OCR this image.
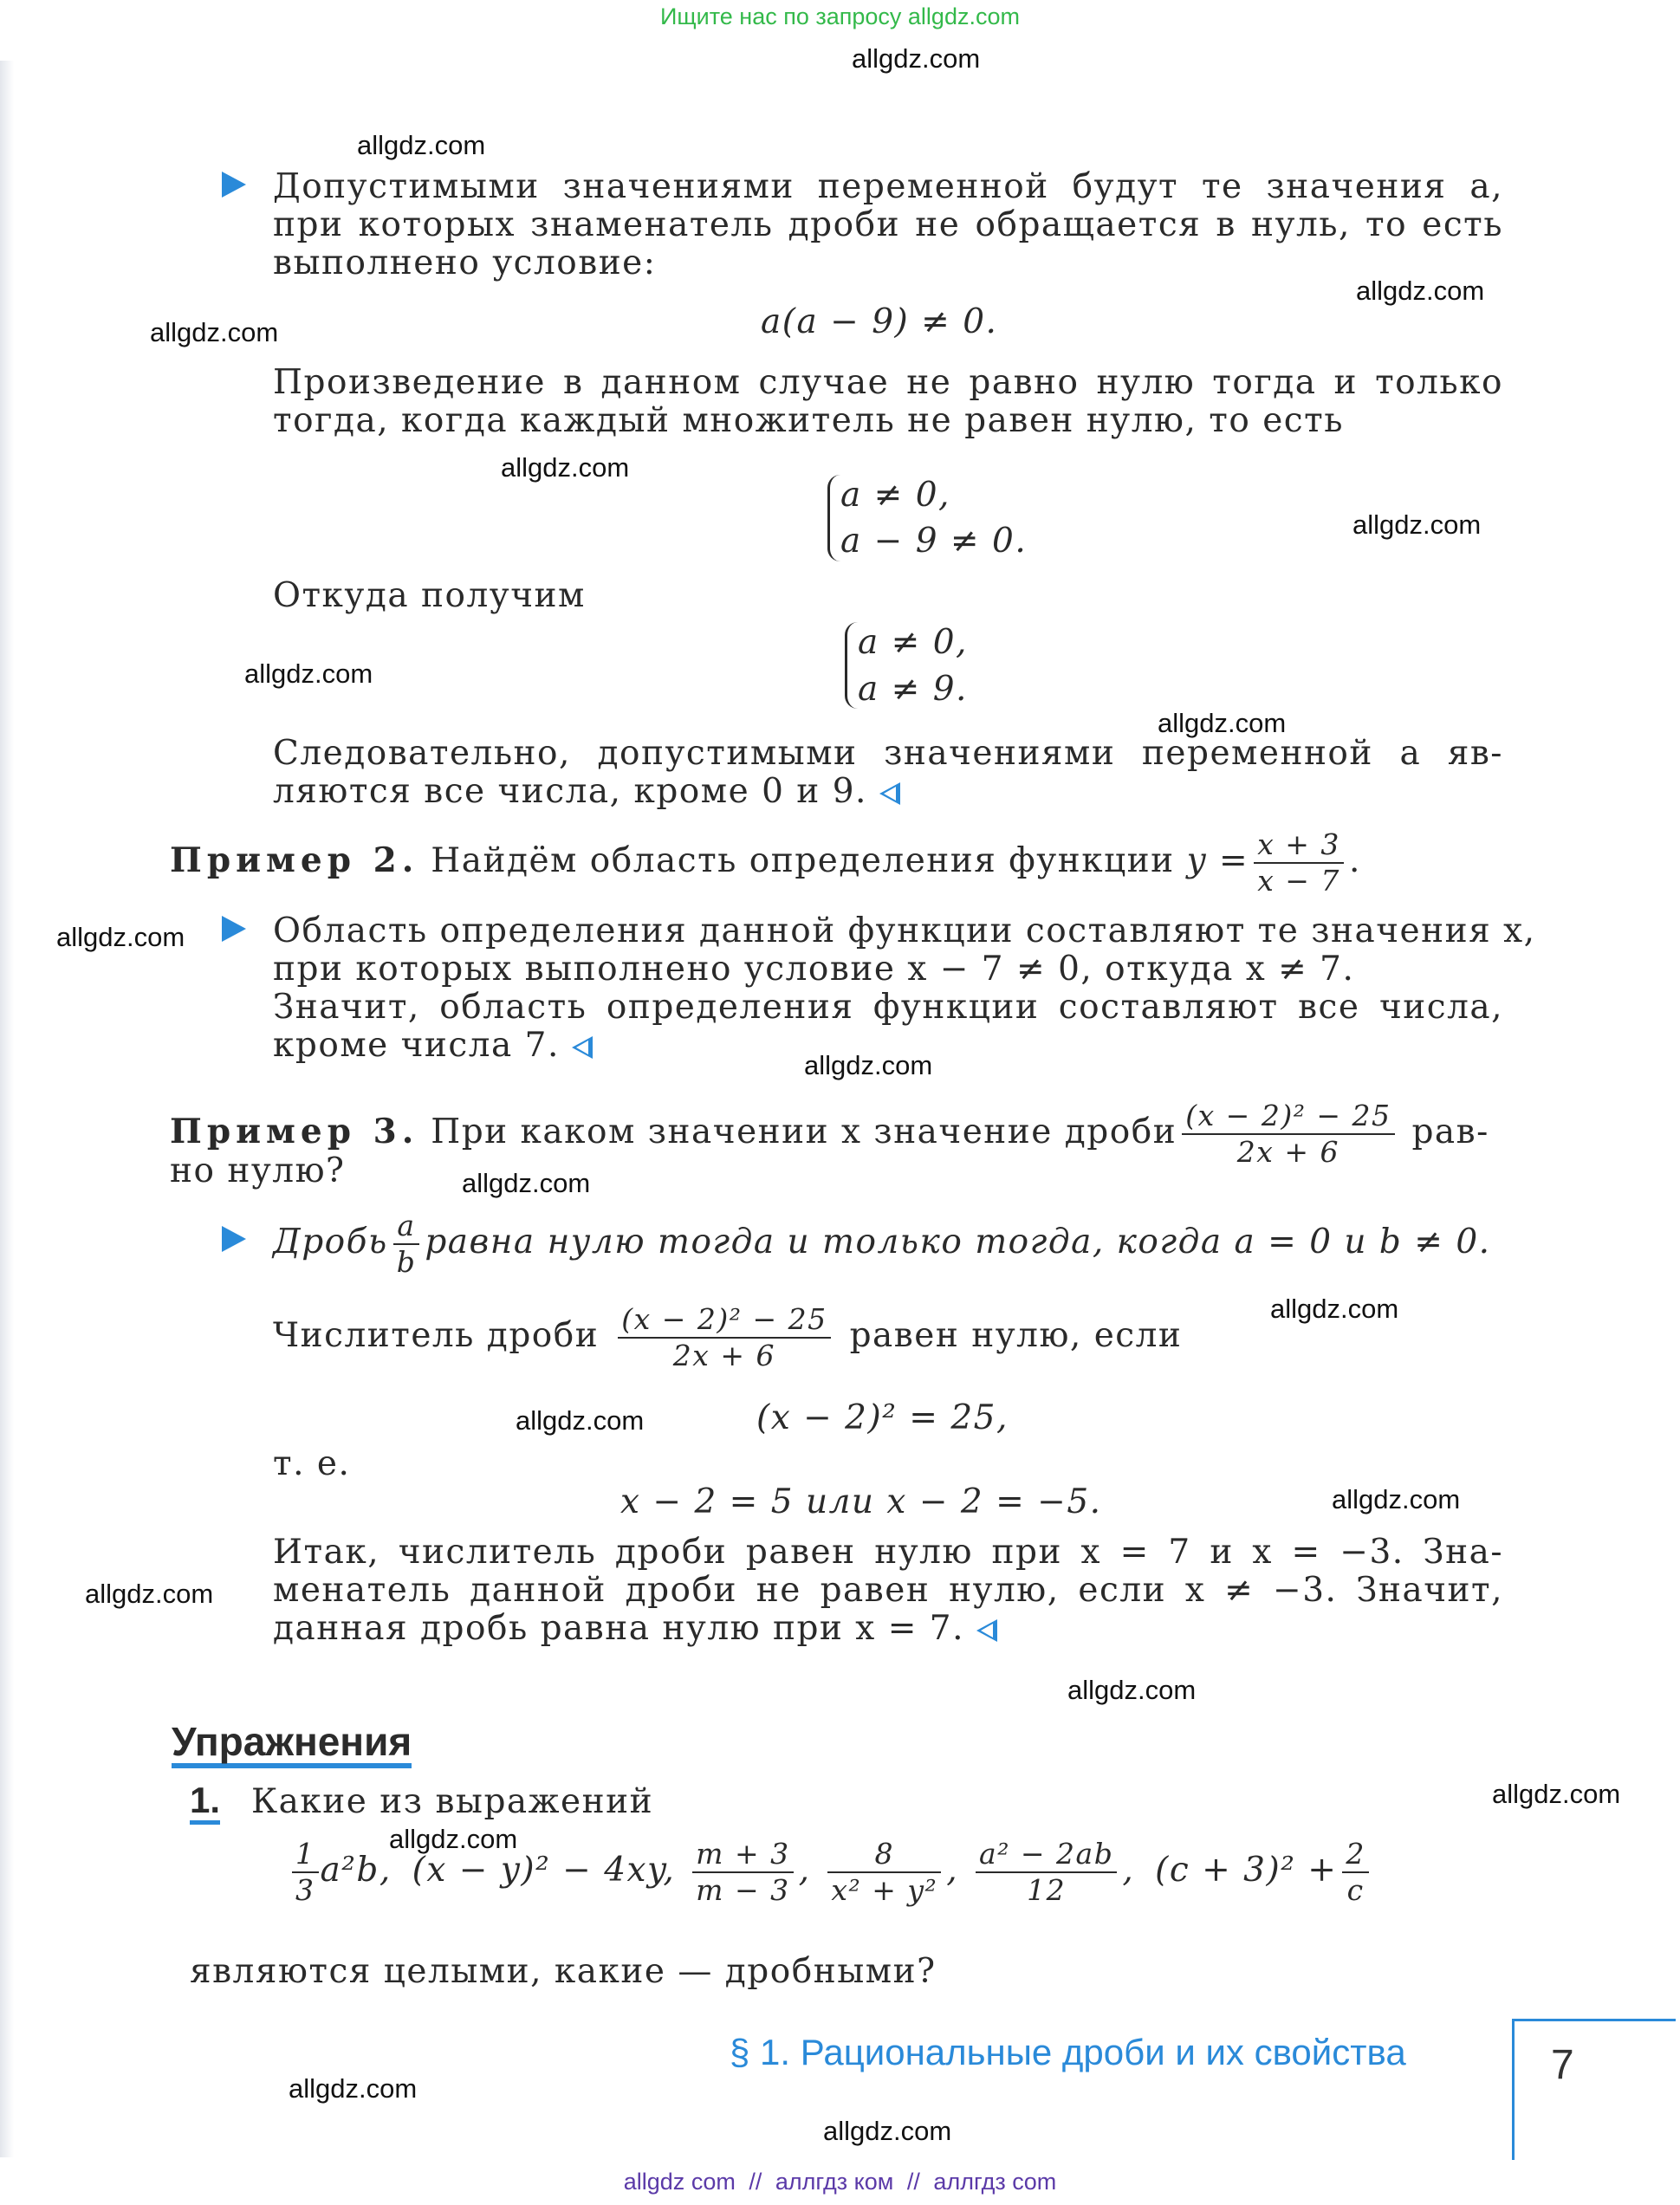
Ищите нас по запросу allgdz.com
allgdz.com
allgdz.com
allgdz.com
allgdz.com
allgdz.com
allgdz.com
allgdz.com
allgdz.com
allgdz.com
allgdz.com
allgdz.com
allgdz.com
allgdz.com
allgdz.com
allgdz.com
allgdz.com
allgdz.com
allgdz.com
allgdz.com
allgdz.com
Допустимыми значениями переменной будут те значения a,
при которых знаменатель дроби не обращается в нуль, то есть
выполнено условие:
a(a − 9) ≠ 0.
Произведение в данном случае не равно нулю тогда и только
тогда, когда каждый множитель не равен нулю, то есть
a ≠ 0,
a − 9 ≠ 0.
Откуда получим
a ≠ 0,
a ≠ 9.
Следовательно, допустимыми значениями переменной a яв-
ляются все числа, кроме 0 и 9.
Пример 2. Найдём область определения функции $y = \frac{x + 3}{x - 7}$ .
Область определения данной функции составляют те значения x,
при которых выполнено условие x − 7 ≠ 0, откуда x ≠ 7.
Значит, область определения функции составляют все числа,
кроме числа 7.
Пример 3. При каком значении x значение дроби $\frac{\text{(x − 2)² − 25}}{2x + 6} рав-$
но нулю?
Дробь $\frac{a}{b}$ равна нулю тогда и только тогда, когда a = 0 и b ≠ 0.
Числитель дроби $\frac{\text{(x − 2)² − 25}}{2x + 6}$ равен нулю, если
(x − 2)² = 25,
т. е.
x − 2 = 5 или x − 2 = −5.
Итак, числитель дроби равен нулю при x = 7 и x = −3. Зна-
менатель данной дроби не равен нулю, если x ≠ −3. Значит,
данная дробь равна нулю при x = 7.
Упражнения
1. Какие из выражений
$\frac{1}{3} a^2b$, (x − y)² − 4xy, $\frac{m + 3}{m - 3}$ , $\frac{8}{\text{x² + y²}}$ , $\frac{\text{a² − 2ab}}{12}$ , $(c + 3)^2 + \frac{2}{c}$
являются целыми, какие — дробными?
§ 1. Рациональные дроби и их свойства	7
allgdz com // аллгдз ком // аллгдз com
